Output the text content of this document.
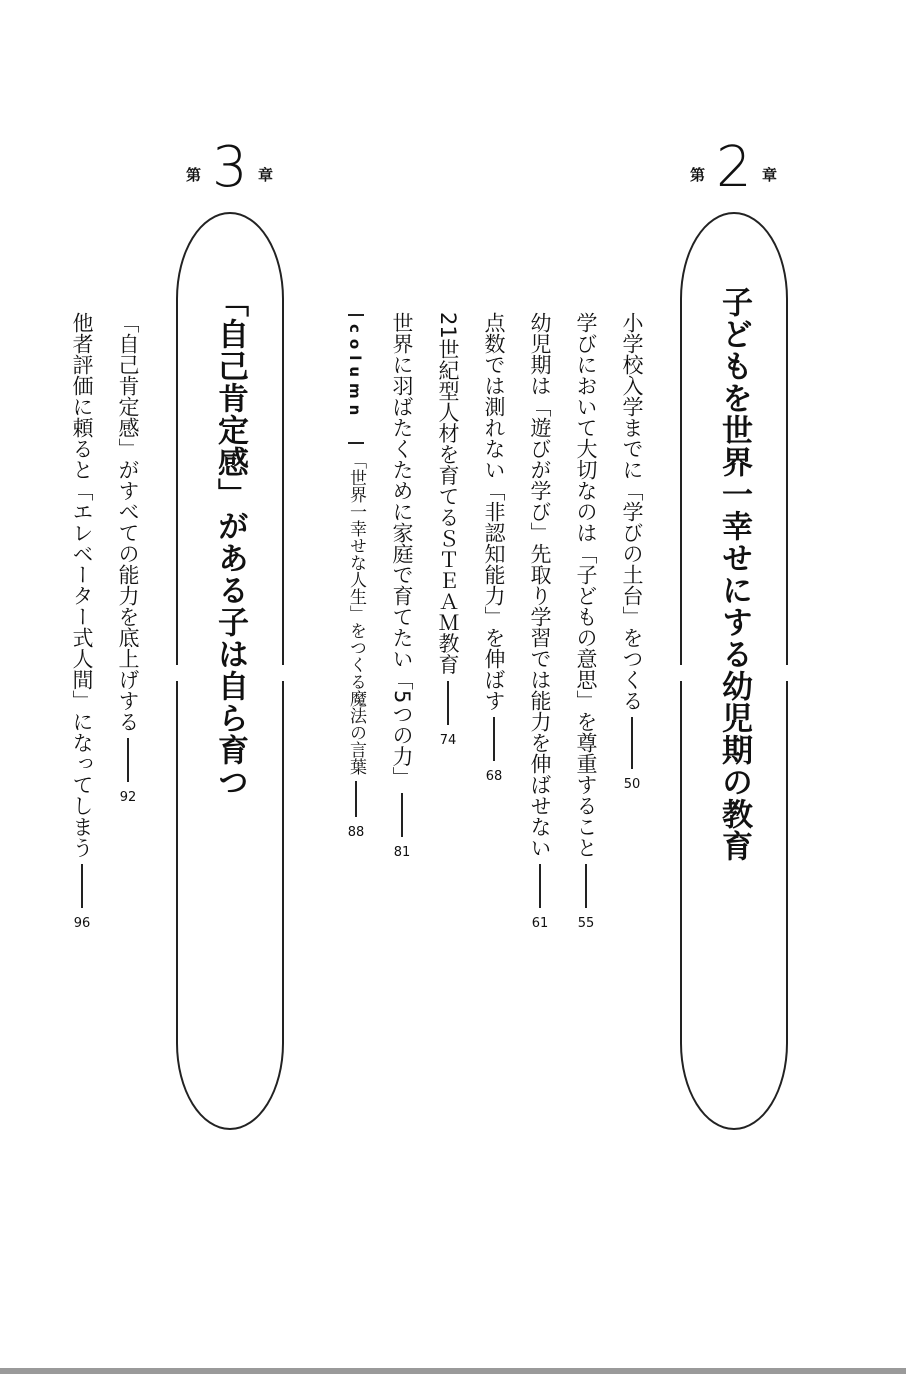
第 2 章
子どもを世界一幸せにする幼児期の教育
小学校入学までに「学びの土台」をつくる
50
学びにおいて大切なのは「子どもの意思」を尊重すること
55
幼児期は「遊びが学び」先取り学習では能力を伸ばせない
61
点数では測れない「非認知能力」を伸ばす
68
21世紀型人材を育てるＳＴＥＡＭ教育
74
世界に羽ばたくために家庭で育てたい「5つの力」
81
column
「世界一幸せな人生」をつくる魔法の言葉
88
第 3 章
「自己肯定感」がある子は自ら育つ
「自己肯定感」がすべての能力を底上げする
92
他者評価に頼ると「エレベーター式人間」になってしまう
96
